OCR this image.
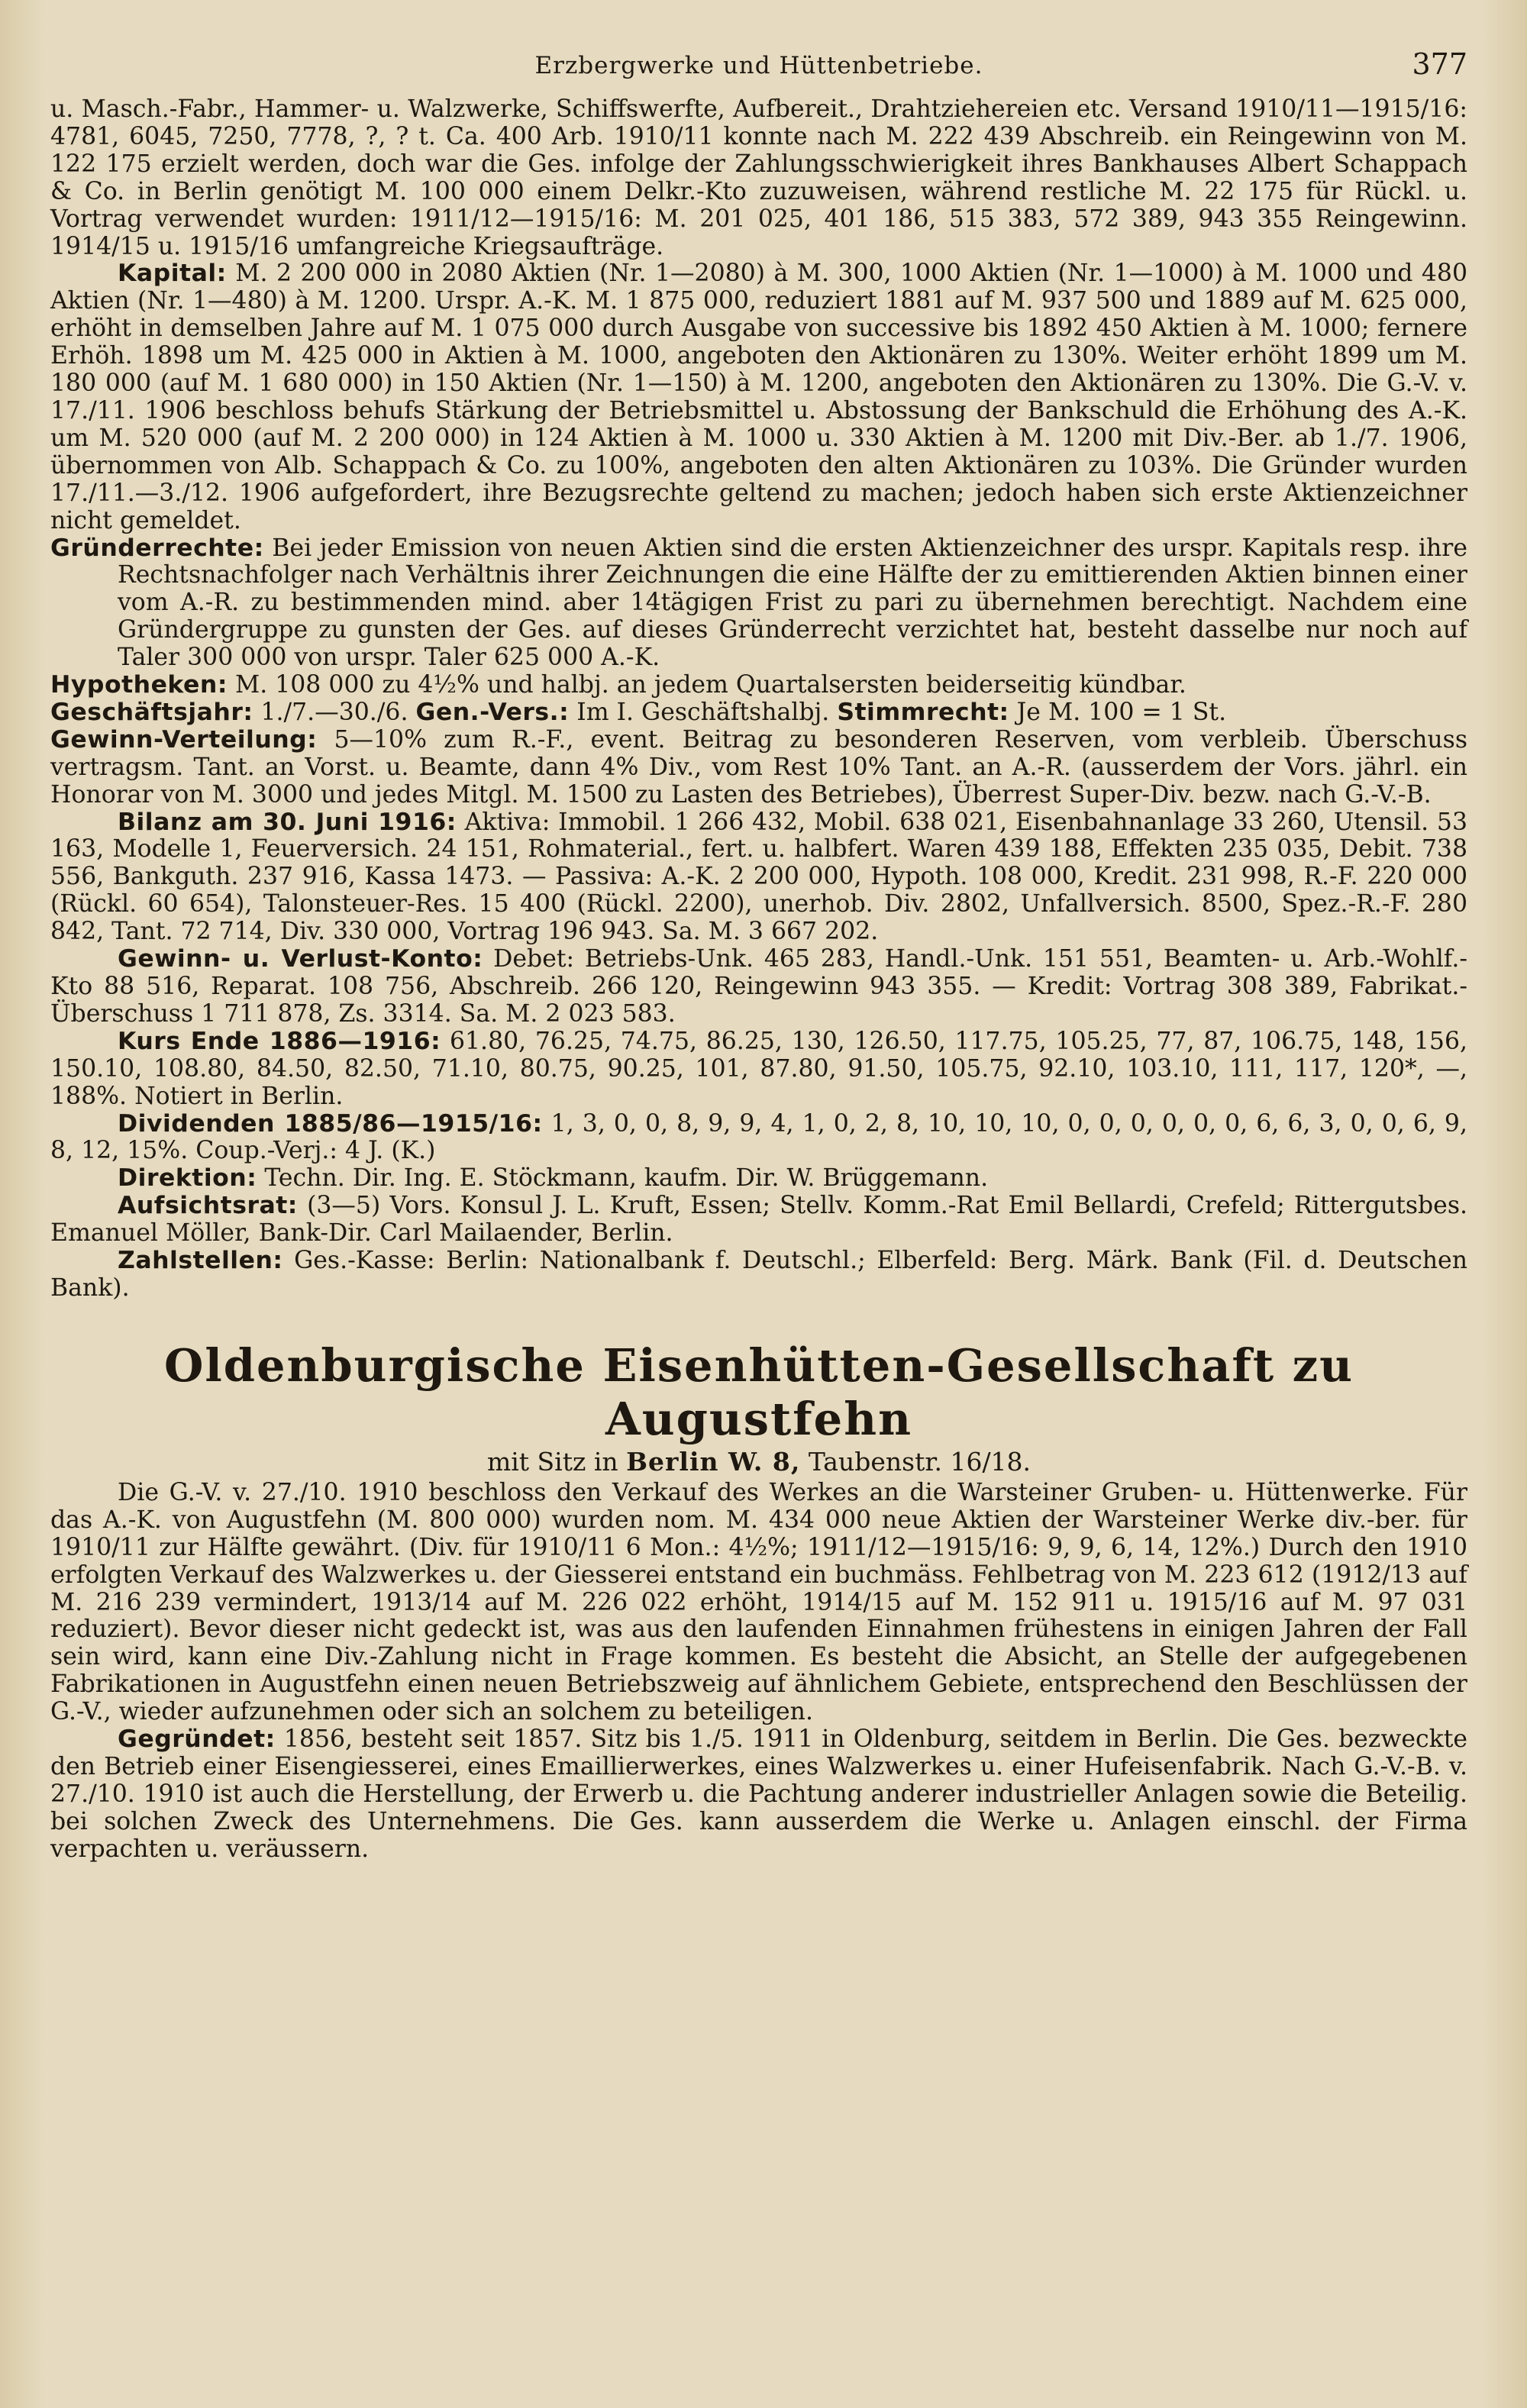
Erzbergwerke und Hüttenbetriebe.	377

u. Masch.-Fabr., Hammer- u. Walzwerke, Schiffswerfte, Aufbereit., Drahtziehereien etc. Versand 1910/11—1915/16: 4781, 6045, 7250, 7778, ?, ? t. Ca. 400 Arb. 1910/11 konnte nach M. 222 439 Abschreib. ein Reingewinn von M. 122 175 erzielt werden, doch war die Ges. infolge der Zahlungsschwierigkeit ihres Bankhauses Albert Schappach & Co. in Berlin genötigt M. 100 000 einem Delkr.-Kto zuzuweisen, während restliche M. 22 175 für Rückl. u. Vortrag verwendet wurden: 1911/12—1915/16: M. 201 025, 401 186, 515 383, 572 389, 943 355 Reingewinn. 1914/15 u. 1915/16 umfangreiche Kriegsaufträge.

Kapital: M. 2 200 000 in 2080 Aktien (Nr. 1—2080) à M. 300, 1000 Aktien (Nr. 1—1000) à M. 1000 und 480 Aktien (Nr. 1—480) à M. 1200. Urspr. A.-K. M. 1 875 000, reduziert 1881 auf M. 937 500 und 1889 auf M. 625 000, erhöht in demselben Jahre auf M. 1 075 000 durch Ausgabe von successive bis 1892 450 Aktien à M. 1000; fernere Erhöh. 1898 um M. 425 000 in Aktien à M. 1000, angeboten den Aktionären zu 130%. Weiter erhöht 1899 um M. 180 000 (auf M. 1 680 000) in 150 Aktien (Nr. 1—150) à M. 1200, angeboten den Aktionären zu 130%. Die G.-V. v. 17./11. 1906 beschloss behufs Stärkung der Betriebsmittel u. Abstossung der Bankschuld die Erhöhung des A.-K. um M. 520 000 (auf M. 2 200 000) in 124 Aktien à M. 1000 u. 330 Aktien à M. 1200 mit Div.-Ber. ab 1./7. 1906, übernommen von Alb. Schappach & Co. zu 100%, angeboten den alten Aktionären zu 103%. Die Gründer wurden 17./11.—3./12. 1906 aufgefordert, ihre Bezugsrechte geltend zu machen; jedoch haben sich erste Aktienzeichner nicht gemeldet.

Gründerrechte: Bei jeder Emission von neuen Aktien sind die ersten Aktienzeichner des urspr. Kapitals resp. ihre Rechtsnachfolger nach Verhältnis ihrer Zeichnungen die eine Hälfte der zu emittierenden Aktien binnen einer vom A.-R. zu bestimmenden mind. aber 14tägigen Frist zu pari zu übernehmen berechtigt. Nachdem eine Gründergruppe zu gunsten der Ges. auf dieses Gründerrecht verzichtet hat, besteht dasselbe nur noch auf Taler 300 000 von urspr. Taler 625 000 A.-K.

Hypotheken: M. 108 000 zu 4½% und halbj. an jedem Quartalsersten beiderseitig kündbar.

Geschäftsjahr: 1./7.—30./6. Gen.-Vers.: Im I. Geschäftshalbj. Stimmrecht: Je M. 100 = 1 St.

Gewinn-Verteilung: 5—10% zum R.-F., event. Beitrag zu besonderen Reserven, vom verbleib. Überschuss vertragsm. Tant. an Vorst. u. Beamte, dann 4% Div., vom Rest 10% Tant. an A.-R. (ausserdem der Vors. jährl. ein Honorar von M. 3000 und jedes Mitgl. M. 1500 zu Lasten des Betriebes), Überrest Super-Div. bezw. nach G.-V.-B.

Bilanz am 30. Juni 1916: Aktiva: Immobil. 1 266 432, Mobil. 638 021, Eisenbahnanlage 33 260, Utensil. 53 163, Modelle 1, Feuerversich. 24 151, Rohmaterial., fert. u. halbfert. Waren 439 188, Effekten 235 035, Debit. 738 556, Bankguth. 237 916, Kassa 1473. — Passiva: A.-K. 2 200 000, Hypoth. 108 000, Kredit. 231 998, R.-F. 220 000 (Rückl. 60 654), Talonsteuer-Res. 15 400 (Rückl. 2200), unerhob. Div. 2802, Unfallversich. 8500, Spez.-R.-F. 280 842, Tant. 72 714, Div. 330 000, Vortrag 196 943. Sa. M. 3 667 202.

Gewinn- u. Verlust-Konto: Debet: Betriebs-Unk. 465 283, Handl.-Unk. 151 551, Beamten- u. Arb.-Wohlf.-Kto 88 516, Reparat. 108 756, Abschreib. 266 120, Reingewinn 943 355. — Kredit: Vortrag 308 389, Fabrikat.-Überschuss 1 711 878, Zs. 3314. Sa. M. 2 023 583.

Kurs Ende 1886—1916: 61.80, 76.25, 74.75, 86.25, 130, 126.50, 117.75, 105.25, 77, 87, 106.75, 148, 156, 150.10, 108.80, 84.50, 82.50, 71.10, 80.75, 90.25, 101, 87.80, 91.50, 105.75, 92.10, 103.10, 111, 117, 120*, —, 188%. Notiert in Berlin.

Dividenden 1885/86—1915/16: 1, 3, 0, 0, 8, 9, 9, 4, 1, 0, 2, 8, 10, 10, 10, 0, 0, 0, 0, 0, 0, 6, 6, 3, 0, 0, 6, 9, 8, 12, 15%. Coup.-Verj.: 4 J. (K.)

Direktion: Techn. Dir. Ing. E. Stöckmann, kaufm. Dir. W. Brüggemann.

Aufsichtsrat: (3—5) Vors. Konsul J. L. Kruft, Essen; Stellv. Komm.-Rat Emil Bellardi, Crefeld; Rittergutsbes. Emanuel Möller, Bank-Dir. Carl Mailaender, Berlin.

Zahlstellen: Ges.-Kasse: Berlin: Nationalbank f. Deutschl.; Elberfeld: Berg. Märk. Bank (Fil. d. Deutschen Bank).

Oldenburgische Eisenhütten-Gesellschaft zu Augustfehn
mit Sitz in Berlin W. 8, Taubenstr. 16/18.

Die G.-V. v. 27./10. 1910 beschloss den Verkauf des Werkes an die Warsteiner Gruben- u. Hüttenwerke. Für das A.-K. von Augustfehn (M. 800 000) wurden nom. M. 434 000 neue Aktien der Warsteiner Werke div.-ber. für 1910/11 zur Hälfte gewährt. (Div. für 1910/11 6 Mon.: 4½%; 1911/12—1915/16: 9, 9, 6, 14, 12%.) Durch den 1910 erfolgten Verkauf des Walzwerkes u. der Giesserei entstand ein buchmäss. Fehlbetrag von M. 223 612 (1912/13 auf M. 216 239 vermindert, 1913/14 auf M. 226 022 erhöht, 1914/15 auf M. 152 911 u. 1915/16 auf M. 97 031 reduziert). Bevor dieser nicht gedeckt ist, was aus den laufenden Einnahmen frühestens in einigen Jahren der Fall sein wird, kann eine Div.-Zahlung nicht in Frage kommen. Es besteht die Absicht, an Stelle der aufgegebenen Fabrikationen in Augustfehn einen neuen Betriebszweig auf ähnlichem Gebiete, entsprechend den Beschlüssen der G.-V., wieder aufzunehmen oder sich an solchem zu beteiligen.

Gegründet: 1856, besteht seit 1857. Sitz bis 1./5. 1911 in Oldenburg, seitdem in Berlin. Die Ges. bezweckte den Betrieb einer Eisengiesserei, eines Emaillierwerkes, eines Walzwerkes u. einer Hufeisenfabrik. Nach G.-V.-B. v. 27./10. 1910 ist auch die Herstellung, der Erwerb u. die Pachtung anderer industrieller Anlagen sowie die Beteilig. bei solchen Zweck des Unternehmens. Die Ges. kann ausserdem die Werke u. Anlagen einschl. der Firma verpachten u. veräussern.
